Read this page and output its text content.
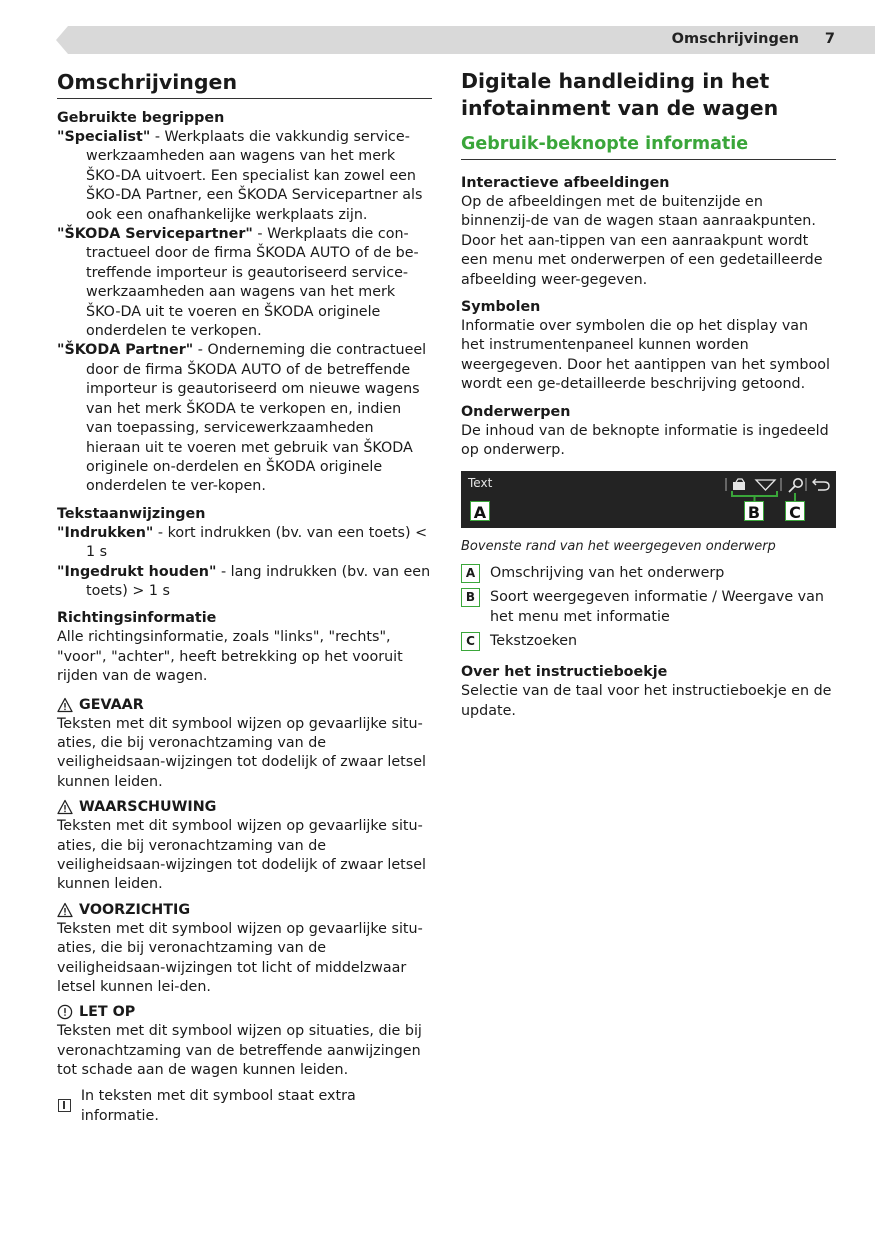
Omschrijvingen 7
Omschrijvingen

Gebruikte begrippen

"Specialist" - Werkplaats die vakkundig service-werkzaamheden aan wagens van het merk ŠKO-DA uitvoert. Een specialist kan zowel een ŠKO-DA Partner, een ŠKODA Servicepartner als ook een onafhankelijke werkplaats zijn.

"ŠKODA Servicepartner" - Werkplaats die con-tractueel door de firma ŠKODA AUTO of de be-treffende importeur is geautoriseerd service-werkzaamheden aan wagens van het merk ŠKO-DA uit te voeren en ŠKODA originele onderdelen te verkopen.

"ŠKODA Partner" - Onderneming die contractueel door de firma ŠKODA AUTO of de betreffende importeur is geautoriseerd om nieuwe wagens van het merk ŠKODA te verkopen en, indien van toepassing, servicewerkzaamheden hieraan uit te voeren met gebruik van ŠKODA originele on-derdelen en ŠKODA originele onderdelen te ver-kopen.

Tekstaanwijzingen

"Indrukken" - kort indrukken (bv. van een toets) < 1 s

"Ingedrukt houden" - lang indrukken (bv. van een toets) > 1 s

Richtingsinformatie

Alle richtingsinformatie, zoals "links", "rechts", "voor", "achter", heeft betrekking op het vooruit rijden van de wagen.

GEVAAR

Teksten met dit symbool wijzen op gevaarlijke situ-aties, die bij veronachtzaming van de veiligheidsaan-wijzingen tot dodelijk of zwaar letsel kunnen leiden.

WAARSCHUWING

Teksten met dit symbool wijzen op gevaarlijke situ-aties, die bij veronachtzaming van de veiligheidsaan-wijzingen tot dodelijk of zwaar letsel kunnen leiden.

VOORZICHTIG

Teksten met dit symbool wijzen op gevaarlijke situ-aties, die bij veronachtzaming van de veiligheidsaan-wijzingen tot licht of middelzwaar letsel kunnen lei-den.

LET OP

Teksten met dit symbool wijzen op situaties, die bij veronachtzaming van de betreffende aanwijzingen tot schade aan de wagen kunnen leiden.

In teksten met dit symbool staat extra informatie.
Digitale handleiding in het
infotainment van de wagen
Gebruik-beknopte informatie

Interactieve afbeeldingen

Op de afbeeldingen met de buitenzijde en binnenzij-de van de wagen staan aanraakpunten. Door het aan-tippen van een aanraakpunt wordt een menu met onderwerpen of een gedetailleerde afbeelding weer-gegeven.

Symbolen

Informatie over symbolen die op het display van het instrumentenpaneel kunnen worden weergegeven. Door het aantippen van het symbool wordt een ge-detailleerde beschrijving getoond.

Onderwerpen

De inhoud van de beknopte informatie is ingedeeld op onderwerp.

Text
A	B C

Bovenste rand van het weergegeven onderwerp

A	Omschrijving van het onderwerp
B	Soort weergegeven informatie / Weergave van het menu met informatie
C	Tekstzoeken

Over het instructieboekje

Selectie van de taal voor het instructieboekje en de update.
